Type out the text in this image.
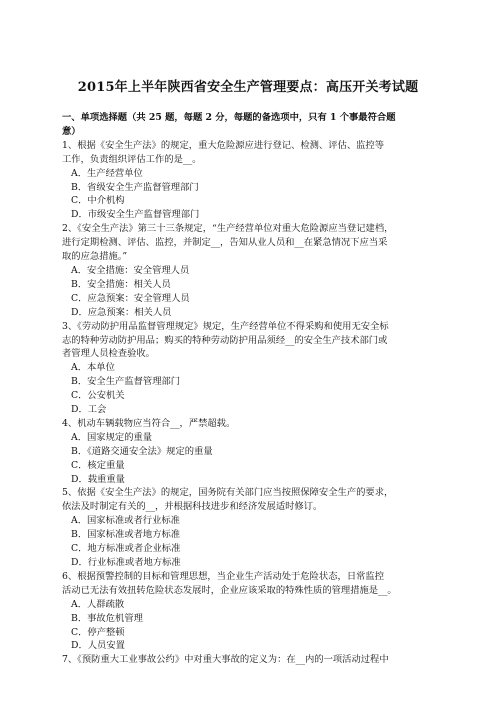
2015年上半年陕西省安全生产管理要点：高压开关考试题
一、单项选择题（共 25 题，每题 2 分，每题的备选项中，只有 1 个事最符合题
意）
1、根据《安全生产法》的规定，重大危险源应进行登记、检测、评估、监控等
工作，负责组织评估工作的是__。
A．生产经营单位
B．省级安全生产监督管理部门
C．中介机构
D．市级安全生产监督管理部门
2、《安全生产法》第三十三条规定，“生产经营单位对重大危险源应当登记建档，
进行定期检测、评估、监控，并制定__，告知从业人员和__在紧急情况下应当采
取的应急措施。”
A．安全措施：安全管理人员
B．安全措施：相关人员
C．应急预案：安全管理人员
D．应急预案：相关人员
3、《劳动防护用品监督管理规定》规定，生产经营单位不得采购和使用无安全标
志的特种劳动防护用品；购买的特种劳动防护用品须经__的安全生产技术部门或
者管理人员检查验收。
A．本单位
B．安全生产监督管理部门
C．公安机关
D．工会
4、机动车辆载物应当符合__，严禁超载。
A．国家规定的重量
B．《道路交通安全法》规定的重量
C．核定重量
D．载重重量
5、依据《安全生产法》的规定，国务院有关部门应当按照保障安全生产的要求，
依法及时制定有关的__，并根据科技进步和经济发展适时修订。
A．国家标准或者行业标准
B．国家标准或者地方标准
C．地方标准或者企业标准
D．行业标准或者地方标准
6、根据预警控制的目标和管理思想，当企业生产活动处于危险状态，日常监控
活动已无法有效扭转危险状态发展时，企业应该采取的特殊性质的管理措施是__。
A．人群疏散
B．事故危机管理
C．停产整顿
D．人员安置
7、《预防重大工业事故公约》中对重大事故的定义为：在__内的一项活动过程中
